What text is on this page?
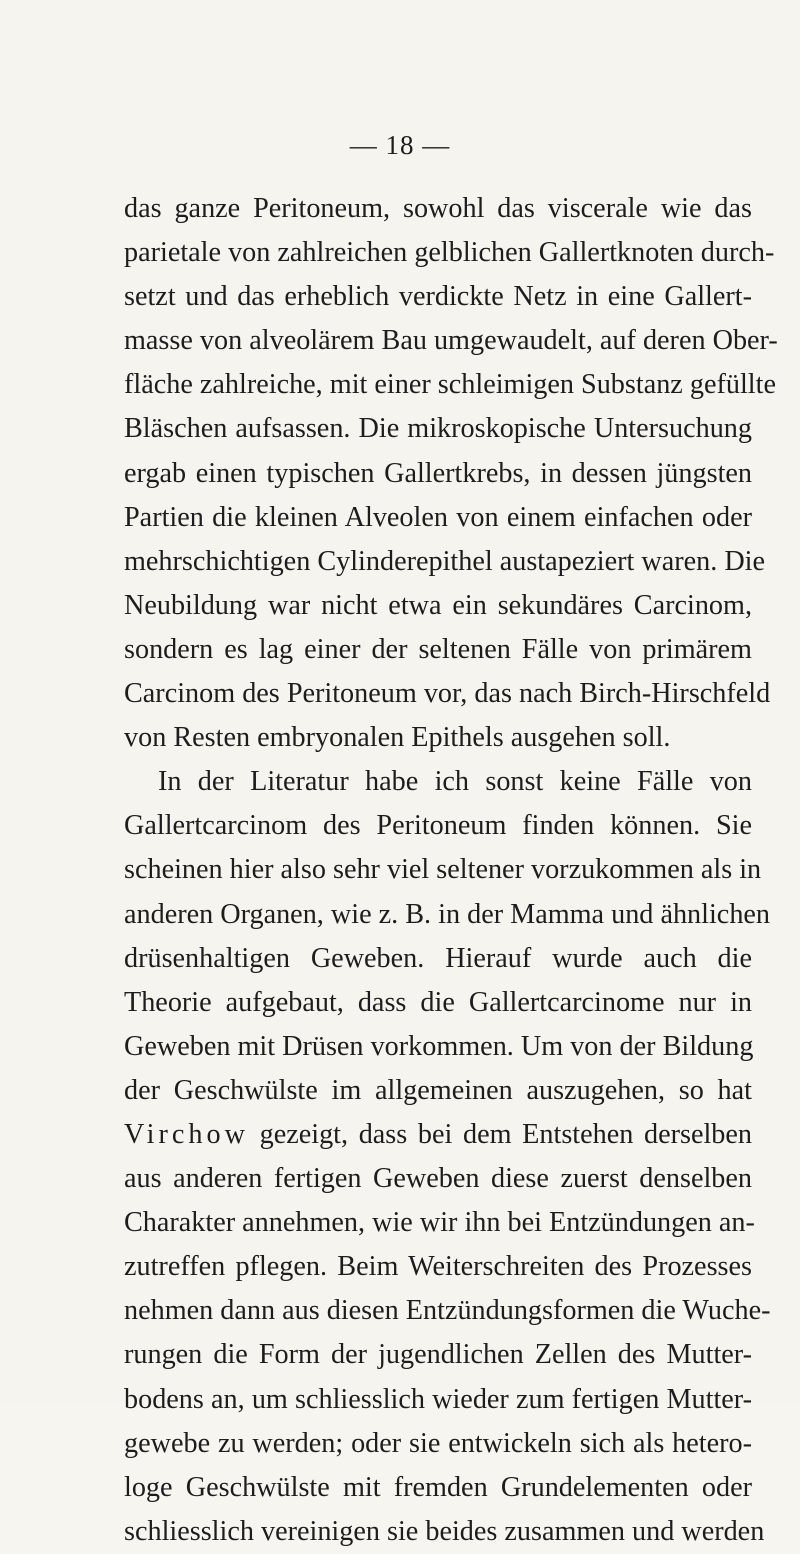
— 18 —
das ganze Peritoneum, sowohl das viscerale wie das
parietale von zahlreichen gelblichen Gallertknoten durch-
setzt und das erheblich verdickte Netz in eine Gallert-
masse von alveolärem Bau umgewaudelt, auf deren Ober-
fläche zahlreiche, mit einer schleimigen Substanz gefüllte
Bläschen aufsassen. Die mikroskopische Untersuchung
ergab einen typischen Gallertkrebs, in dessen jüngsten
Partien die kleinen Alveolen von einem einfachen oder
mehrschichtigen Cylinderepithel austapeziert waren. Die
Neubildung war nicht etwa ein sekundäres Carcinom,
sondern es lag einer der seltenen Fälle von primärem
Carcinom des Peritoneum vor, das nach Birch-Hirschfeld
von Resten embryonalen Epithels ausgehen soll.
In der Literatur habe ich sonst keine Fälle von
Gallertcarcinom des Peritoneum finden können. Sie
scheinen hier also sehr viel seltener vorzukommen als in
anderen Organen, wie z. B. in der Mamma und ähnlichen
drüsenhaltigen Geweben. Hierauf wurde auch die
Theorie aufgebaut, dass die Gallertcarcinome nur in
Geweben mit Drüsen vorkommen. Um von der Bildung
der Geschwülste im allgemeinen auszugehen, so hat
Virchow gezeigt, dass bei dem Entstehen derselben
aus anderen fertigen Geweben diese zuerst denselben
Charakter annehmen, wie wir ihn bei Entzündungen an-
zutreffen pflegen. Beim Weiterschreiten des Prozesses
nehmen dann aus diesen Entzündungsformen die Wuche-
rungen die Form der jugendlichen Zellen des Mutter-
bodens an, um schliesslich wieder zum fertigen Mutter-
gewebe zu werden; oder sie entwickeln sich als hetero-
loge Geschwülste mit fremden Grundelementen oder
schliesslich vereinigen sie beides zusammen und werden
